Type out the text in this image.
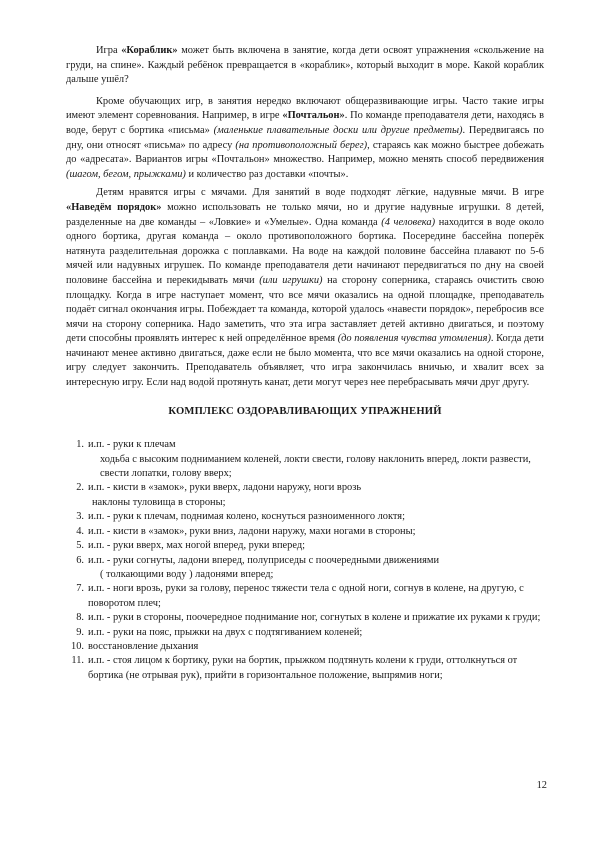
Игра «Кораблик» может быть включена в занятие, когда дети освоят упражнения «скольжение на груди, на спине». Каждый ребёнок превращается в «кораблик», который выходит в море. Какой кораблик дальше ушёл?

Кроме обучающих игр, в занятия нередко включают общеразвивающие игры. Часто такие игры имеют элемент соревнования. Например, в игре «Почтальон». По команде преподавателя дети, находясь в воде, берут с бортика «письма» (маленькие плавательные доски или другие предметы). Передвигаясь по дну, они относят «письма» по адресу (на противоположный берег), стараясь как можно быстрее добежать до «адресата». Вариантов игры «Почтальон» множество. Например, можно менять способ передвижения (шагом, бегом, прыжками) и количество раз доставки «почты».

Детям нравятся игры с мячами. Для занятий в воде подходят лёгкие, надувные мячи. В игре «Наведём порядок» можно использовать не только мячи, но и другие надувные игрушки. 8 детей, разделенные на две команды – «Ловкие» и «Умелые». Одна команда (4 человека) находится в воде около одного бортика, другая команда – около противоположного бортика. Посередине бассейна поперёк натянута разделительная дорожка с поплавками. На воде на каждой половине бассейна плавают по 5-6 мячей или надувных игрушек. По команде преподавателя дети начинают передвигаться по дну на своей половине бассейна и перекидывать мячи (или игрушки) на сторону соперника, стараясь очистить свою площадку. Когда в игре наступает момент, что все мячи оказались на одной площадке, преподаватель подаёт сигнал окончания игры. Побеждает та команда, которой удалось «навести порядок», перебросив все мячи на сторону соперника. Надо заметить, что эта игра заставляет детей активно двигаться, и поэтому дети способны проявлять интерес к ней определённое время (до появления чувства утомления). Когда дети начинают менее активно двигаться, даже если не было момента, что все мячи оказались на одной стороне, игру следует закончить. Преподаватель объявляет, что игра закончилась вничью, и хвалит всех за интересную игру. Если над водой протянуть канат, дети могут через нее перебрасывать мячи друг другу.

КОМПЛЕКС ОЗДОРАВЛИВАЮЩИХ УПРАЖНЕНИЙ
1. и.п. - руки к плечам

ходьба с высоким подниманием коленей, локти свести, голову наклонить вперед, локти развести, свести лопатки, голову вверх;
2. и.п. - кисти в «замок», руки вверх, ладони наружу, ноги врозь

наклоны туловища в стороны;
3. и.п. - руки к плечам, поднимая колено, коснуться разноименного локтя;
4. и.п. - кисти в «замок», руки вниз, ладони наружу, махи ногами в стороны;
5. и.п. - руки вверх, мах ногой вперед, руки вперед;
6. и.п. - руки согнуты, ладони вперед, полуприседы с поочередными движениями

( толкающими воду ) ладонями вперед;
7. и.п. - ноги врозь, руки за голову, перенос тяжести тела с одной ноги, согнув в колене, на другую, с поворотом плеч;
8. и.п. - руки в стороны, поочередное поднимание ног, согнутых в колене и прижатие их руками к груди;
9. и.п. - руки на пояс, прыжки на двух с подтягиванием коленей;
10. восстановление дыхания
11. и.п. - стоя лицом к бортику, руки на бортик, прыжком подтянуть колени к груди, оттолкнуться от бортика (не отрывая рук), прийти в горизонтальное положение, выпрямив ноги;
12
